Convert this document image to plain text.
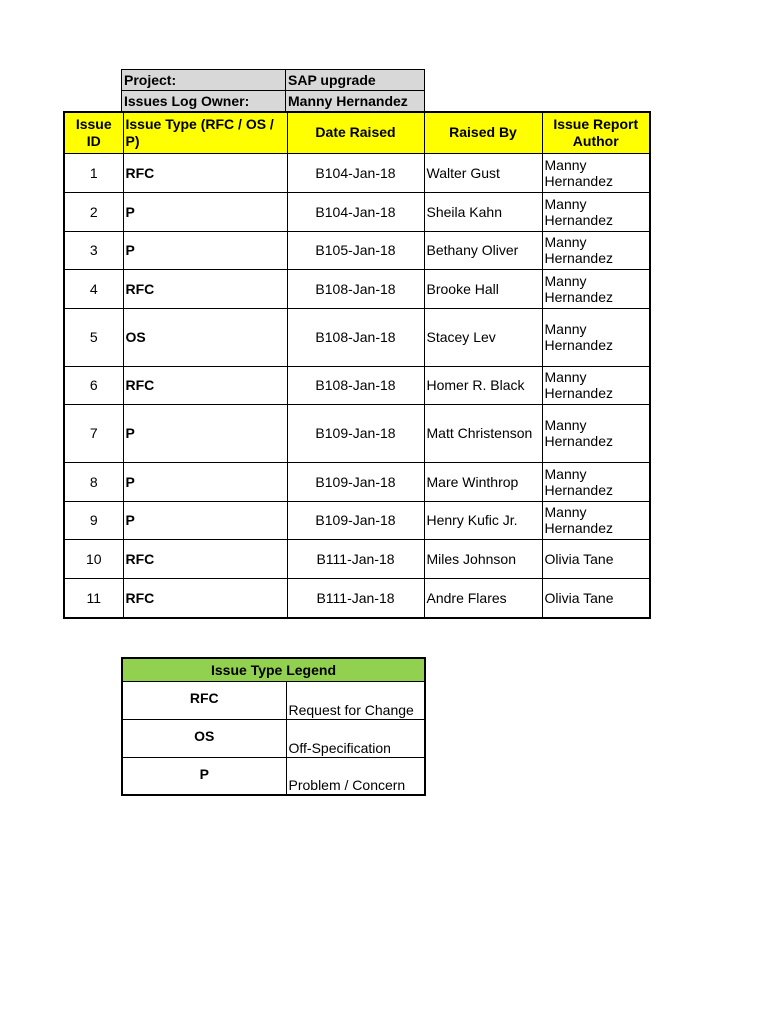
Project:	SAP upgrade
Issues Log Owner:	Manny Hernandez
Issue ID	Issue Type (RFC / OS / P)	Date Raised	Raised By	Issue Report Author
1	RFC	B104-Jan-18	Walter Gust	Manny Hernandez
2	P	B104-Jan-18	Sheila Kahn	Manny Hernandez
3	P	B105-Jan-18	Bethany Oliver	Manny Hernandez
4	RFC	B108-Jan-18	Brooke Hall	Manny Hernandez
5	OS	B108-Jan-18	Stacey Lev	Manny Hernandez
6	RFC	B108-Jan-18	Homer R. Black	Manny Hernandez
7	P	B109-Jan-18	Matt Christenson	Manny Hernandez
8	P	B109-Jan-18	Mare Winthrop	Manny Hernandez
9	P	B109-Jan-18	Henry Kufic Jr.	Manny Hernandez
10	RFC	B111-Jan-18	Miles Johnson	Olivia Tane
11	RFC	B111-Jan-18	Andre Flares	Olivia Tane
Issue Type Legend	
RFC	Request for Change
OS	Off-Specification
P	Problem / Concern
